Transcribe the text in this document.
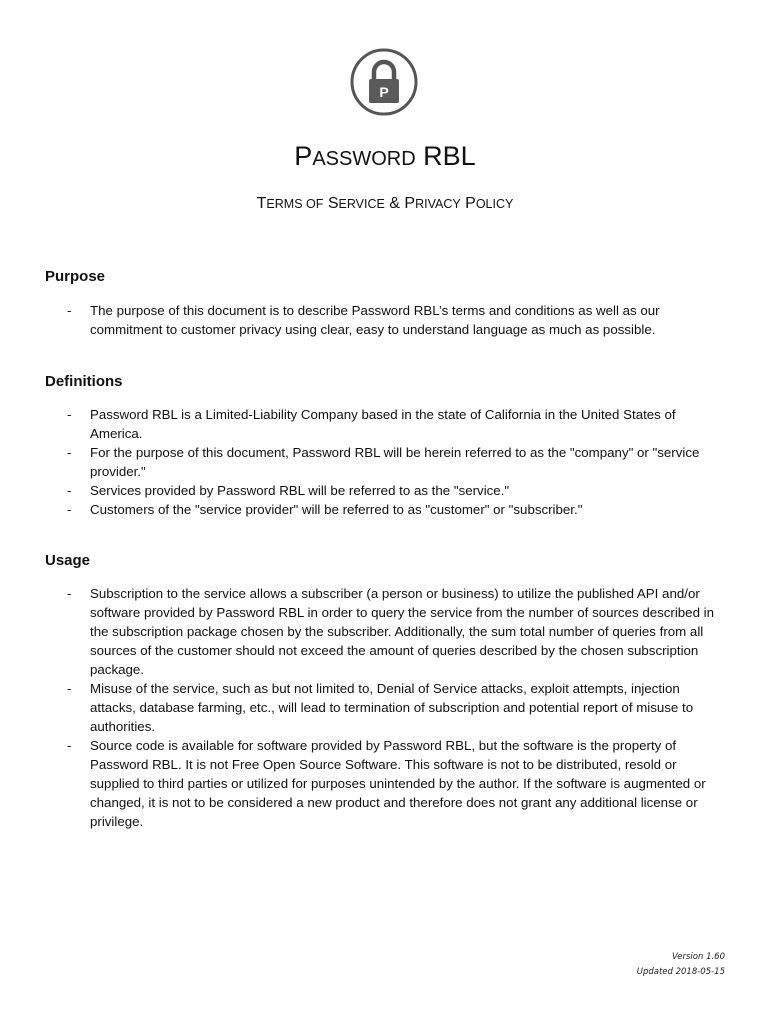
P
PASSWORD RBL
TERMS OF SERVICE & PRIVACY POLICY
Purpose
- The purpose of this document is to describe Password RBL’s terms and conditions as well as our commitment to customer privacy using clear, easy to understand language as much as possible.
Definitions
- Password RBL is a Limited-Liability Company based in the state of California in the United States of America.
- For the purpose of this document, Password RBL will be herein referred to as the "company" or "service provider."
- Services provided by Password RBL will be referred to as the "service."
- Customers of the "service provider" will be referred to as "customer" or "subscriber."
Usage
- Subscription to the service allows a subscriber (a person or business) to utilize the published API and/or software provided by Password RBL in order to query the service from the number of sources described in the subscription package chosen by the subscriber. Additionally, the sum total number of queries from all sources of the customer should not exceed the amount of queries described by the chosen subscription package.
- Misuse of the service, such as but not limited to, Denial of Service attacks, exploit attempts, injection attacks, database farming, etc., will lead to termination of subscription and potential report of misuse to authorities.
- Source code is available for software provided by Password RBL, but the software is the property of Password RBL. It is not Free Open Source Software. This software is not to be distributed, resold or supplied to third parties or utilized for purposes unintended by the author. If the software is augmented or changed, it is not to be considered a new product and therefore does not grant any additional license or privilege.
Version 1.60
Updated 2018-05-15
